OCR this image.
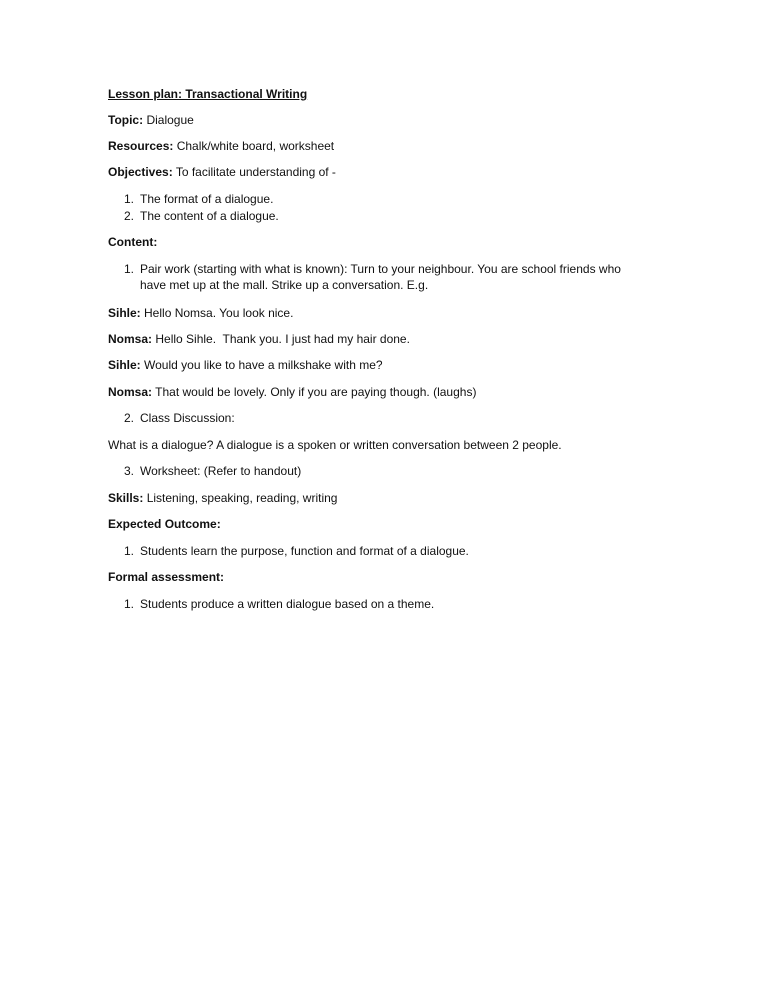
Lesson plan: Transactional Writing
Topic: Dialogue
Resources: Chalk/white board, worksheet
Objectives: To facilitate understanding of -
1. The format of a dialogue.
2. The content of a dialogue.
Content:
1. Pair work (starting with what is known): Turn to your neighbour. You are school friends who
have met up at the mall. Strike up a conversation. E.g.
Sihle: Hello Nomsa. You look nice.
Nomsa: Hello Sihle.  Thank you. I just had my hair done.
Sihle: Would you like to have a milkshake with me?
Nomsa: That would be lovely. Only if you are paying though. (laughs)
2. Class Discussion:
What is a dialogue? A dialogue is a spoken or written conversation between 2 people.
3. Worksheet: (Refer to handout)
Skills: Listening, speaking, reading, writing
Expected Outcome:
1. Students learn the purpose, function and format of a dialogue.
Formal assessment:
1. Students produce a written dialogue based on a theme.
